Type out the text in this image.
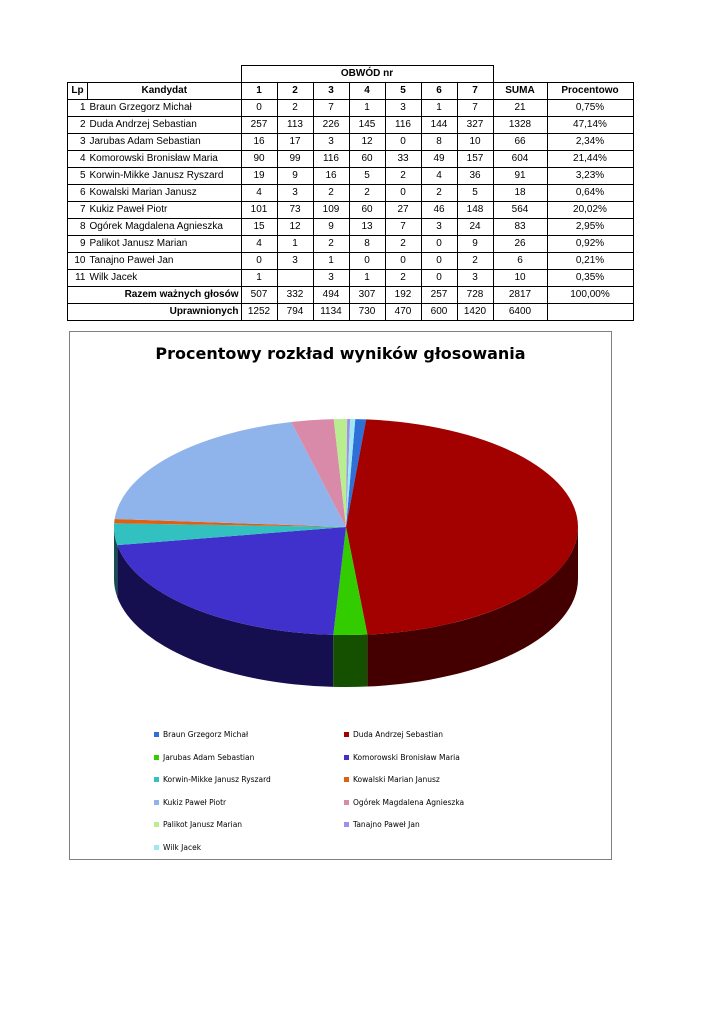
		OBWÓD nr								
Lp	Kandydat	1	2	3	4	5	6	7	SUMA	Procentowo
1	Braun Grzegorz Michał	0	2	7	1	3	1	7	21	0,75%
2	Duda Andrzej Sebastian	257	113	226	145	116	144	327	1328	47,14%
3	Jarubas Adam Sebastian	16	17	3	12	0	8	10	66	2,34%
4	Komorowski Bronisław Maria	90	99	116	60	33	49	157	604	21,44%
5	Korwin-Mikke Janusz Ryszard	19	9	16	5	2	4	36	91	3,23%
6	Kowalski Marian Janusz	4	3	2	2	0	2	5	18	0,64%
7	Kukiz Paweł Piotr	101	73	109	60	27	46	148	564	20,02%
8	Ogórek Magdalena Agnieszka	15	12	9	13	7	3	24	83	2,95%
9	Palikot Janusz Marian	4	1	2	8	2	0	9	26	0,92%
10	Tanajno Paweł Jan	0	3	1	0	0	0	2	6	0,21%
11	Wilk Jacek	1		3	1	2	0	3	10	0,35%
Razem ważnych głosów		507	332	494	307	192	257	728	2817	100,00%
Uprawnionych		1252	794	1134	730	470	600	1420	6400	
Procentowy rozkład wyników głosowania
Braun Grzegorz Michał	Duda Andrzej Sebastian
Jarubas Adam Sebastian	Komorowski Bronisław Maria
Korwin-Mikke Janusz Ryszard	Kowalski Marian Janusz
Kukiz Paweł Piotr	Ogórek Magdalena Agnieszka
Palikot Janusz Marian	Tanajno Paweł Jan
Wilk Jacek
